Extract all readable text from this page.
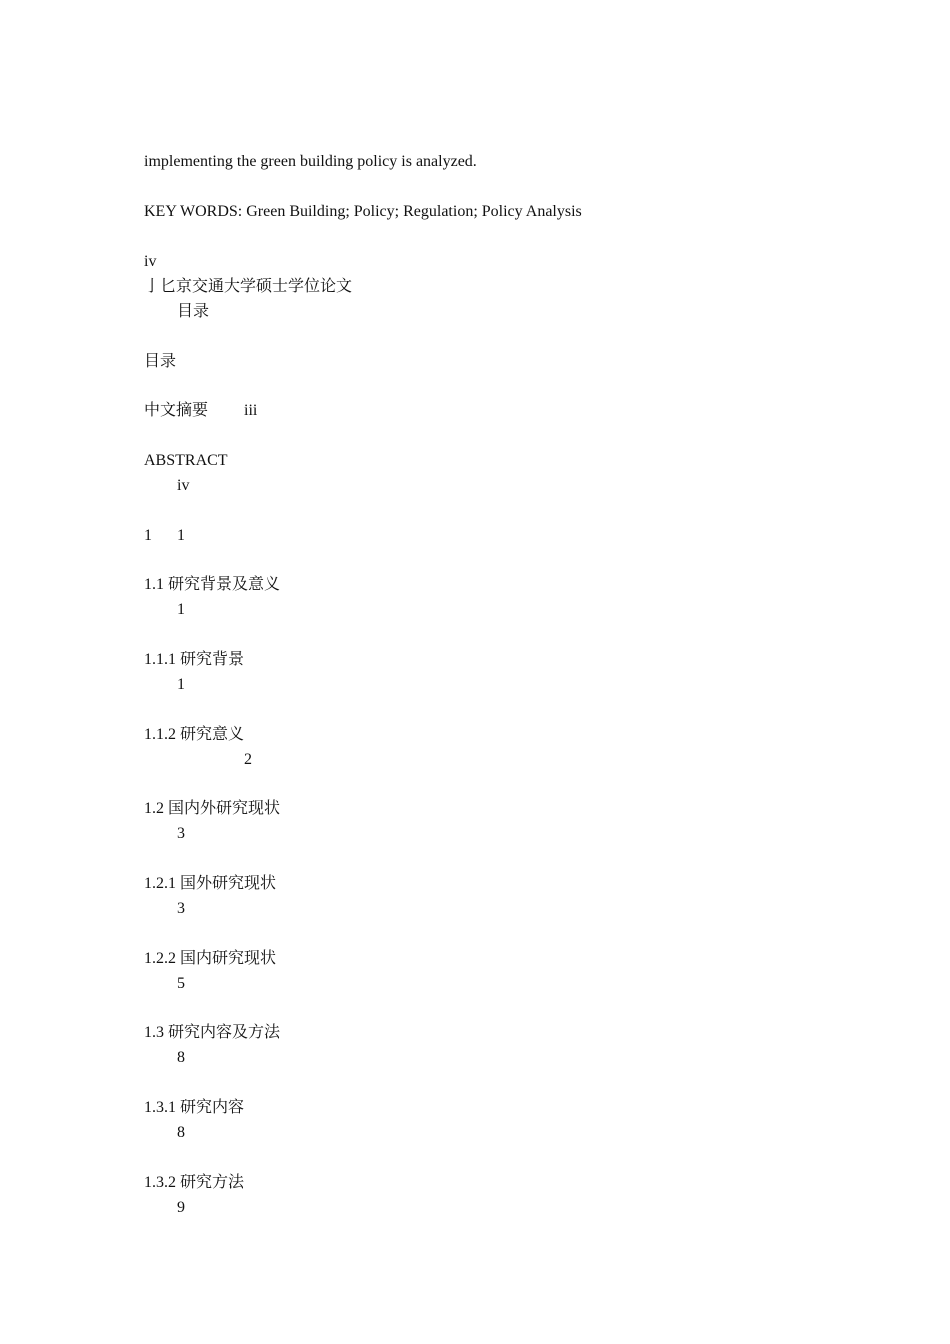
implementing the green building policy is analyzed.
KEY WORDS: Green Building; Policy; Regulation; Policy Analysis
iv
亅匕京交通大学硕士学位论文
目录
目录
中文摘要 iii
ABSTRACT
iv
1 1
1.1 研究背景及意义
1
1.1.1 研究背景
1
1.1.2 研究意义
2
1.2 国内外研究现状
3
1.2.1 国外研究现状
3
1.2.2 国内研究现状
5
1.3 研究内容及方法
8
1.3.1 研究内容
8
1.3.2 研究方法
9
